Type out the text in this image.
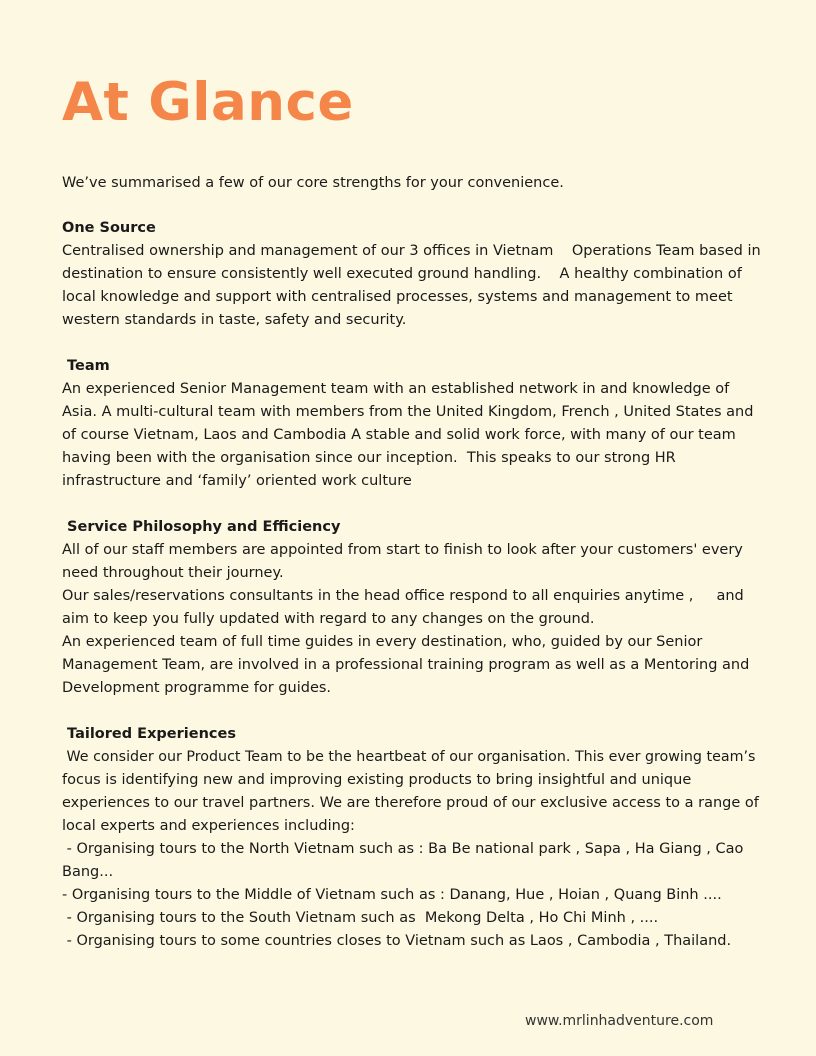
At Glance
We’ve summarised a few of our core strengths for your convenience.
One Source
Centralised ownership and management of our 3 offices in Vietnam    Operations Team based in
destination to ensure consistently well executed ground handling.    A healthy combination of
local knowledge and support with centralised processes, systems and management to meet
western standards in taste, safety and security.
Team
An experienced Senior Management team with an established network in and knowledge of
Asia. A multi-cultural team with members from the United Kingdom, French , United States and
of course Vietnam, Laos and Cambodia A stable and solid work force, with many of our team
having been with the organisation since our inception.  This speaks to our strong HR
infrastructure and ‘family’ oriented work culture
Service Philosophy and Efficiency
All of our staff members are appointed from start to finish to look after your customers' every
need throughout their journey.
Our sales/reservations consultants in the head office respond to all enquiries anytime ,     and
aim to keep you fully updated with regard to any changes on the ground.
An experienced team of full time guides in every destination, who, guided by our Senior
Management Team, are involved in a professional training program as well as a Mentoring and
Development programme for guides.
Tailored Experiences
We consider our Product Team to be the heartbeat of our organisation. This ever growing team’s
focus is identifying new and improving existing products to bring insightful and unique
experiences to our travel partners. We are therefore proud of our exclusive access to a range of
local experts and experiences including:
- Organising tours to the North Vietnam such as : Ba Be national park , Sapa , Ha Giang , Cao
Bang...
- Organising tours to the Middle of Vietnam such as : Danang, Hue , Hoian , Quang Binh ....
- Organising tours to the South Vietnam such as  Mekong Delta , Ho Chi Minh , ....
- Organising tours to some countries closes to Vietnam such as Laos , Cambodia , Thailand.
www.mrlinhadventure.com
